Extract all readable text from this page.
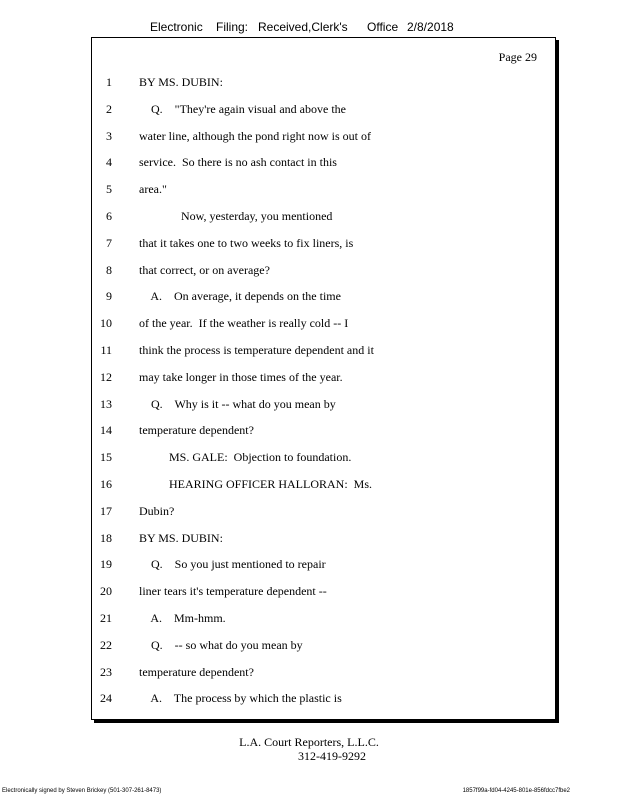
Electronic Filing: Received,Clerk's Office 2/8/2018
Page 29
1 BY MS. DUBIN:
2 Q.    "They're again visual and above the
3 water line, although the pond right now is out of
4 service.  So there is no ash contact in this
5 area."
6 Now, yesterday, you mentioned
7 that it takes one to two weeks to fix liners, is
8 that correct, or on average?
9 A.    On average, it depends on the time
10 of the year.  If the weather is really cold -- I
11 think the process is temperature dependent and it
12 may take longer in those times of the year.
13 Q.    Why is it -- what do you mean by
14 temperature dependent?
15 MS. GALE:  Objection to foundation.
16 HEARING OFFICER HALLORAN:  Ms.
17 Dubin?
18 BY MS. DUBIN:
19 Q.    So you just mentioned to repair
20 liner tears it's temperature dependent --
21 A.    Mm-hmm.
22 Q.    -- so what do you mean by
23 temperature dependent?
24 A.    The process by which the plastic is
L.A. Court Reporters, L.L.C.
312-419-9292
Electronically signed by Steven Brickey (501-307-261-8473)	1857f99a-fd04-4245-801e-856fdcc7fbe2
